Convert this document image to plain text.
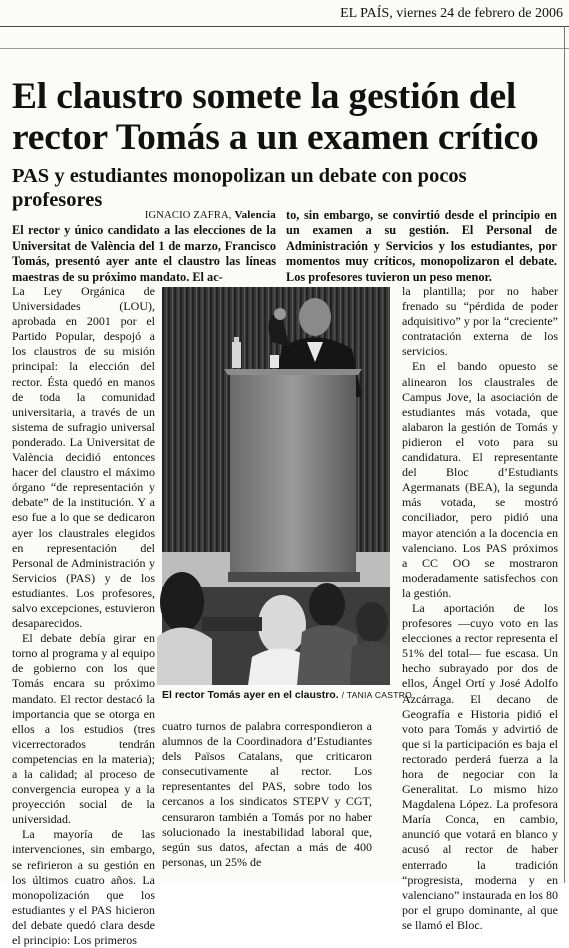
EL PAÍS, viernes 24 de febrero de 2006
El claustro somete la gestión del rector Tomás a un examen crítico
PAS y estudiantes monopolizan un debate con pocos profesores
IGNACIO ZAFRA, Valencia
El rector y único candidato a las elecciones de la Universitat de València del 1 de marzo, Francisco Tomás, presentó ayer ante el claustro las líneas maestras de su próximo mandato. El ac-
to, sin embargo, se convirtió desde el principio en un examen a su gestión. El Personal de Administración y Servicios y los estudiantes, por momentos muy críticos, monopolizaron el debate. Los profesores tuvieron un peso menor.

La Ley Orgánica de Universidades (LOU), aprobada en 2001 por el Partido Popular, despojó a los claustros de su misión principal: la elección del rector. Ésta quedó en manos de toda la comunidad universitaria, a través de un sistema de sufragio universal ponderado. La Universitat de València decidió entonces hacer del claustro el máximo órgano “de representación y debate” de la institución. Y a eso fue a lo que se dedicaron ayer los claustrales elegidos en representación del Personal de Administración y Servicios (PAS) y de los estudiantes. Los profesores, salvo excepciones, estuvieron desaparecidos.

El debate debía girar en torno al programa y al equipo de gobierno con los que Tomás encara su próximo mandato. El rector destacó la importancia que se otorga en ellos a los estudios (tres vicerrectorados tendrán competencias en la materia); a la calidad; al proceso de convergencia europea y a la proyección social de la universidad.

La mayoría de las intervenciones, sin embargo, se refirieron a su gestión en los últimos cuatro años. La monopolización que los estudiantes y el PAS hicieron del debate quedó clara desde el principio: Los primeros

El rector Tomás ayer en el claustro. / TANIA CASTRO

cuatro turnos de palabra correspondieron a alumnos de la Coordinadora d’Estudiantes dels Països Catalans, que criticaron consecutivamente al rector. Los representantes del PAS, sobre todo los cercanos a los sindicatos STEPV y CGT, censuraron también a Tomás por no haber solucionado la inestabilidad laboral que, según sus datos, afectan a más de 400 personas, un 25% de

la plantilla; por no haber frenado su “pérdida de poder adquisitivo” y por la “creciente” contratación externa de los servicios.

En el bando opuesto se alinearon los claustrales de Campus Jove, la asociación de estudiantes más votada, que alabaron la gestión de Tomás y pidieron el voto para su candidatura. El representante del Bloc d’Estudiants Agermanats (BEA), la segunda más votada, se mostró conciliador, pero pidió una mayor atención a la docencia en valenciano. Los PAS próximos a CC OO se mostraron moderadamente satisfechos con la gestión.

La aportación de los profesores —cuyo voto en las elecciones a rector representa el 51% del total— fue escasa. Un hecho subrayado por dos de ellos, Ángel Ortí y José Adolfo Azcárraga. El decano de Geografía e Historia pidió el voto para Tomás y advirtió de que si la participación es baja el rectorado perderá fuerza a la hora de negociar con la Generalitat. Lo mismo hizo Magdalena López. La profesora María Conca, en cambio, anunció que votará en blanco y acusó al rector de haber enterrado la tradición “progresista, moderna y en valenciano” instaurada en los 80 por el grupo dominante, al que se llamó el Bloc.
